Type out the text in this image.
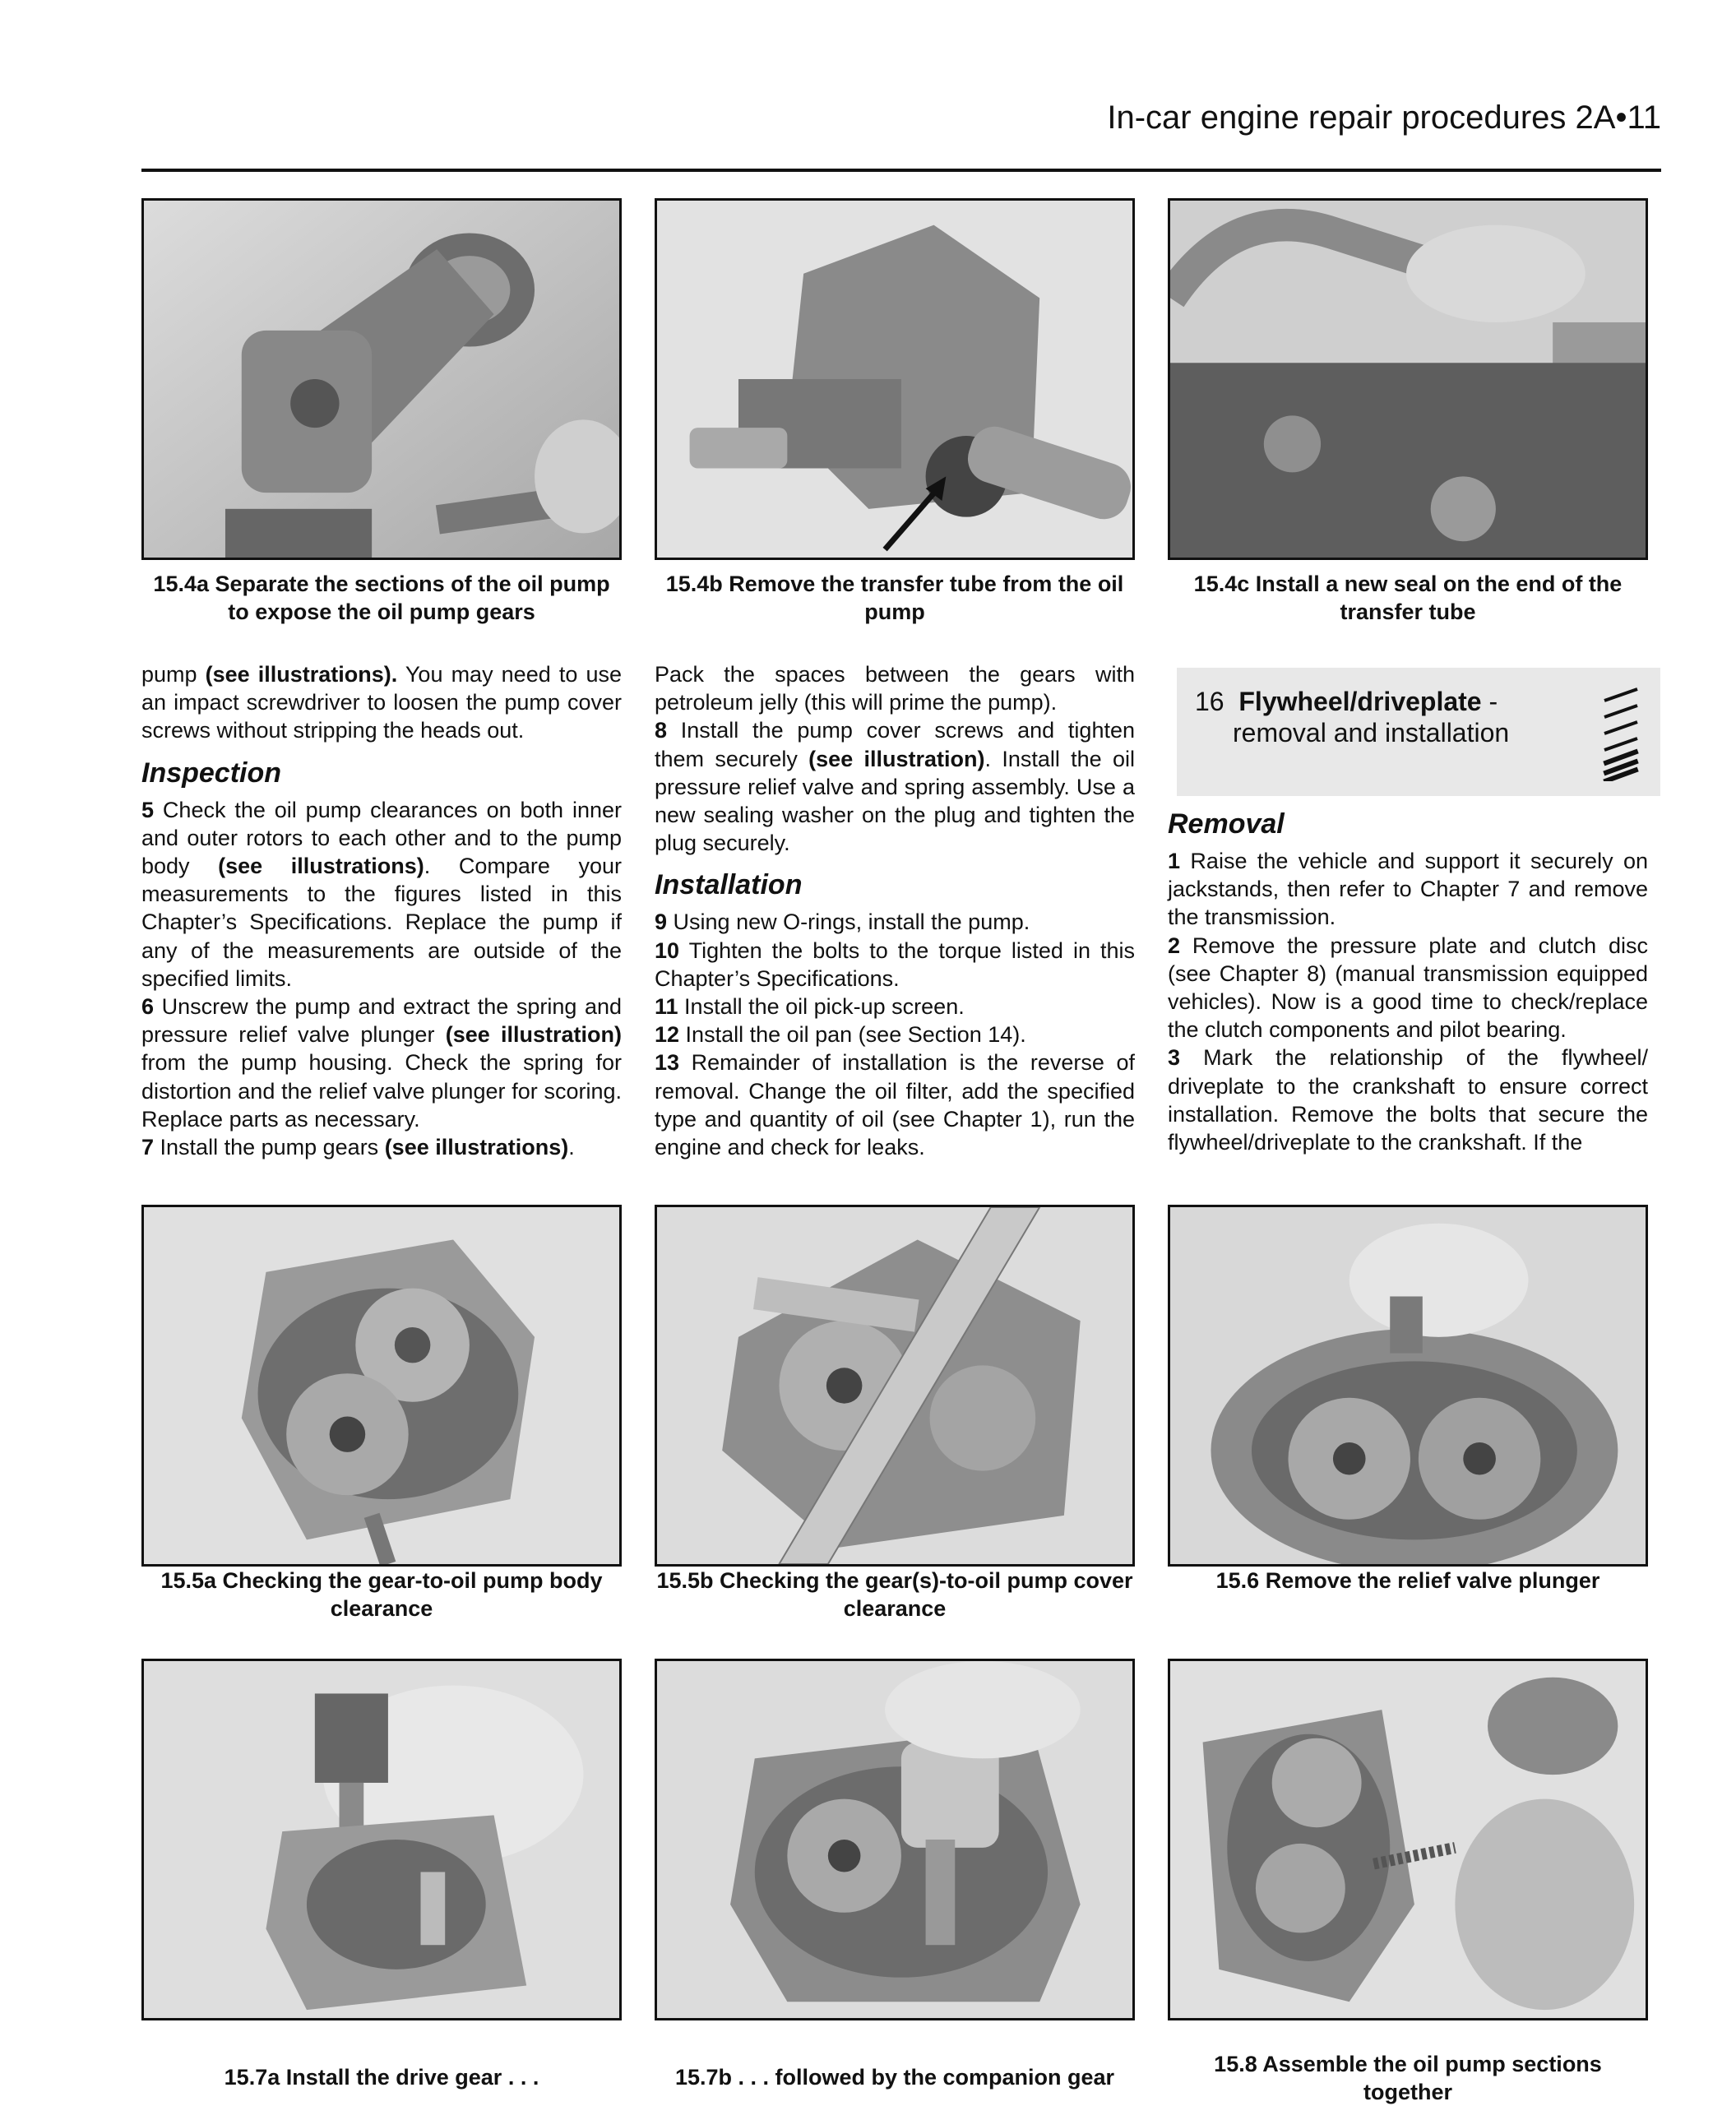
In-car engine repair procedures 2A•11
15.4a Separate the sections of the oil pump to expose the oil pump gears
15.4b Remove the transfer tube from the oil pump
15.4c Install a new seal on the end of the transfer tube

pump (see illustrations). You may need to use an impact screwdriver to loosen the pump cover screws without stripping the heads out.

Inspection

5 Check the oil pump clearances on both inner and outer rotors to each other and to the pump body (see illustrations). Compare your measurements to the figures listed in this Chapter’s Specifications. Replace the pump if any of the measurements are outside of the specified limits.

6 Unscrew the pump and extract the spring and pressure relief valve plunger (see illustration) from the pump housing. Check the spring for distortion and the relief valve plunger for scoring. Replace parts as necessary.

7 Install the pump gears (see illustrations).

Pack the spaces between the gears with petroleum jelly (this will prime the pump).

8 Install the pump cover screws and tighten them securely (see illustration). Install the oil pressure relief valve and spring assembly. Use a new sealing washer on the plug and tighten the plug securely.

Installation

9 Using new O-rings, install the pump.

10 Tighten the bolts to the torque listed in this Chapter’s Specifications.

11 Install the oil pick-up screen.

12 Install the oil pan (see Section 14).

13 Remainder of installation is the reverse of removal. Change the oil filter, add the specified type and quantity of oil (see Chapter 1), run the engine and check for leaks.

16 Flywheel/driveplate -
removal and installation
Removal

1 Raise the vehicle and support it securely on jackstands, then refer to Chapter 7 and remove the transmission.

2 Remove the pressure plate and clutch disc (see Chapter 8) (manual transmission equipped vehicles). Now is a good time to check/replace the clutch components and pilot bearing.

3 Mark the relationship of the flywheel/ driveplate to the crankshaft to ensure correct installation. Remove the bolts that secure the flywheel/driveplate to the crankshaft. If the

15.5a Checking the gear-to-oil pump body clearance
15.5b Checking the gear(s)-to-oil pump cover clearance
15.6 Remove the relief valve plunger
15.7a Install the drive gear . . .	15.7b . . . followed by the companion gear
15.8 Assemble the oil pump sections together
